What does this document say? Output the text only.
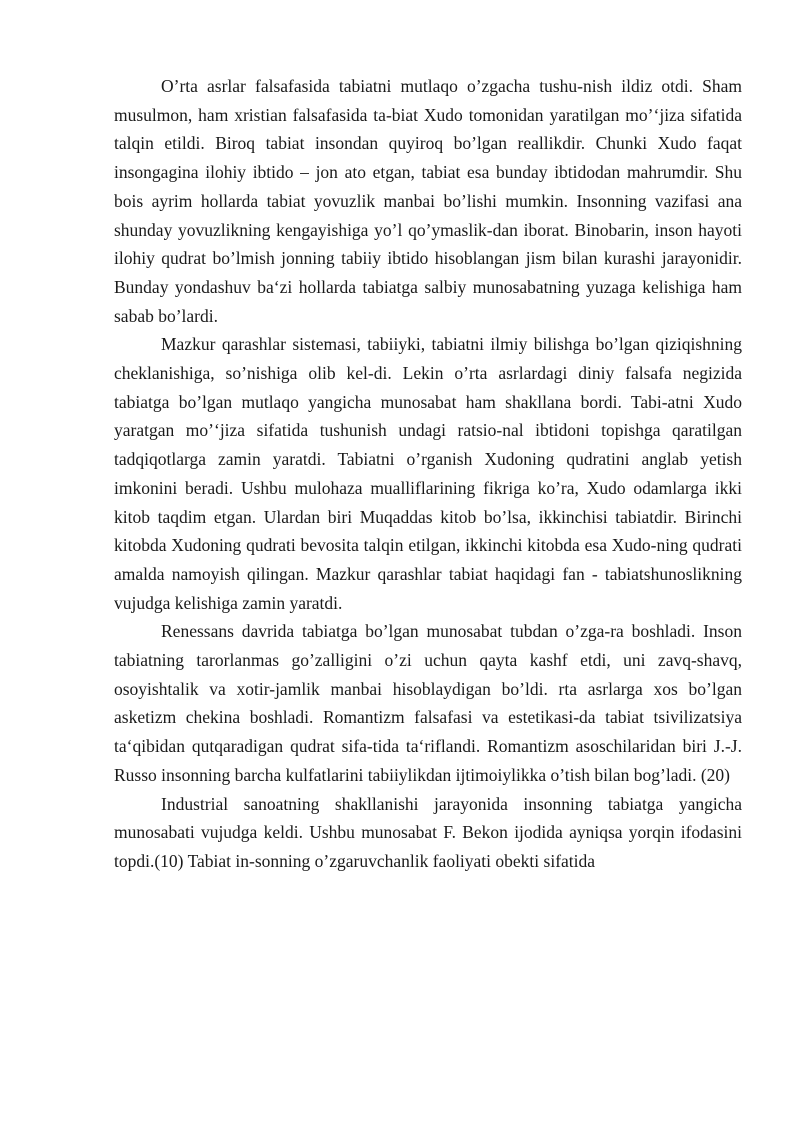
O’rta asrlar falsafasida tabiatni mutlaqo o’zgacha tushu-nish ildiz otdi. Sham musulmon, ham xristian falsafasida ta-biat Xudo tomonidan yaratilgan mo’‘jiza sifatida talqin etildi. Biroq tabiat insondan quyiroq bo’lgan reallikdir. Chunki Xudo faqat insongagina ilohiy ibtido – jon ato etgan, tabiat esa bunday ibtidodan mahrumdir. Shu bois ayrim hollarda tabiat yovuzlik manbai bo’lishi mumkin. Insonning vazifasi ana shunday yovuzlikning kengayishiga yo’l qo’ymaslik-dan iborat. Binobarin, inson hayoti ilohiy qudrat bo’lmish jonning tabiiy ibtido hisoblangan jism bilan kurashi jarayonidir. Bunday yondashuv ba‘zi hollarda tabiatga salbiy munosabatning yuzaga kelishiga ham sabab bo’lardi.

Mazkur qarashlar sistemasi, tabiiyki, tabiatni ilmiy bilishga bo’lgan qiziqishning cheklanishiga, so’nishiga olib kel-di. Lekin o’rta asrlardagi diniy falsafa negizida tabiatga bo’lgan mutlaqo yangicha munosabat ham shakllana bordi. Tabi-atni Xudo yaratgan mo’‘jiza sifatida tushunish undagi ratsio-nal ibtidoni topishga qaratilgan tadqiqotlarga zamin yaratdi. Tabiatni o’rganish Xudoning qudratini anglab yetish imkonini beradi. Ushbu mulohaza mualliflarining fikriga ko’ra, Xudo odamlarga ikki kitob taqdim etgan. Ulardan biri Muqaddas kitob bo’lsa, ikkinchisi tabiatdir. Birinchi kitobda Xudoning qudrati bevosita talqin etilgan, ikkinchi kitobda esa Xudo-ning qudrati amalda namoyish qilingan. Mazkur qarashlar tabiat haqidagi fan - tabiatshunoslikning vujudga kelishiga zamin yaratdi.

Renessans davrida tabiatga bo’lgan munosabat tubdan o’zga-ra boshladi. Inson tabiatning tarorlanmas go’zalligini o’zi uchun qayta kashf etdi, uni zavq-shavq, osoyishtalik va xotir-jamlik manbai hisoblaydigan bo’ldi. rta asrlarga xos bo’lgan asketizm chekina boshladi. Romantizm falsafasi va estetikasi-da tabiat tsivilizatsiya ta‘qibidan qutqaradigan qudrat sifa-tida ta‘riflandi. Romantizm asoschilaridan biri J.-J. Russo insonning barcha kulfatlarini tabiiylikdan ijtimoiylikka o’tish bilan bog’ladi. (20)

Industrial sanoatning shakllanishi jarayonida insonning tabiatga yangicha munosabati vujudga keldi. Ushbu munosabat F. Bekon ijodida ayniqsa yorqin ifodasini topdi.(10) Tabiat in-sonning o’zgaruvchanlik faoliyati obekti sifatida
